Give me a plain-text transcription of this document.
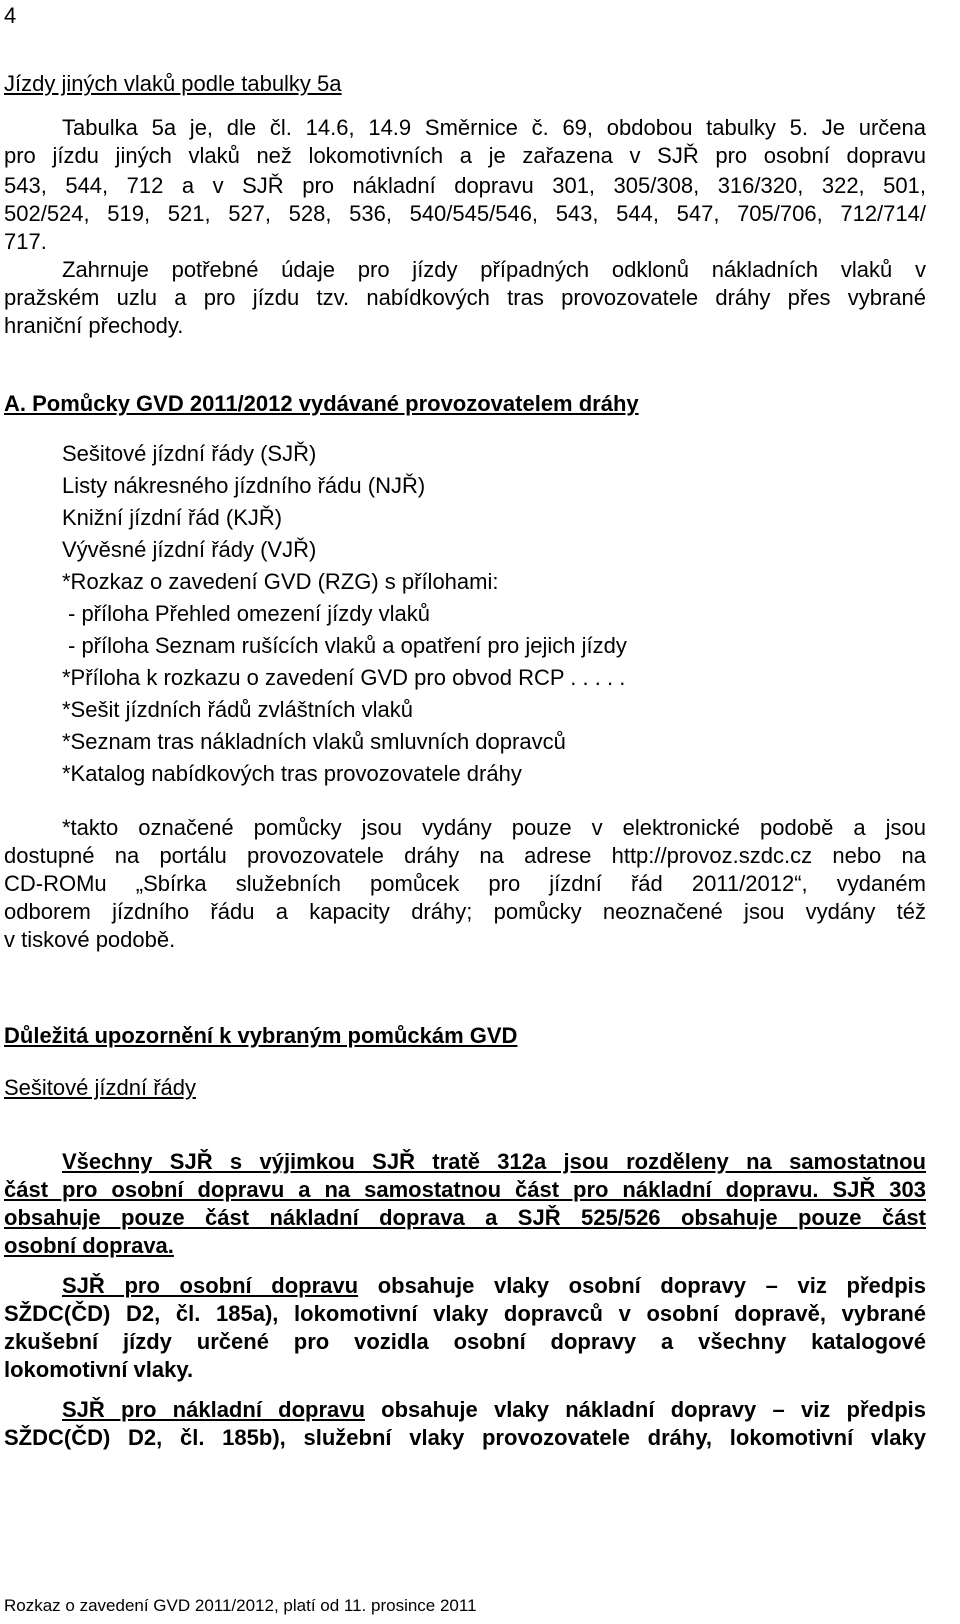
4
Jízdy jiných vlaků podle tabulky 5a
Tabulka 5a je, dle čl. 14.6, 14.9 Směrnice č. 69, obdobou tabulky 5. Je určena
pro jízdu jiných vlaků než lokomotivních a je zařazena v SJŘ pro osobní dopravu
543, 544, 712 a v SJŘ pro nákladní dopravu 301, 305/308, 316/320, 322, 501,
502/524, 519, 521, 527, 528, 536, 540/545/546, 543, 544, 547, 705/706, 712/714/
717.
Zahrnuje potřebné údaje pro jízdy případných odklonů nákladních vlaků v
pražském uzlu a pro jízdu tzv. nabídkových tras provozovatele dráhy přes vybrané
hraniční přechody.
A. Pomůcky GVD 2011/2012 vydávané provozovatelem dráhy
Sešitové jízdní řády (SJŘ)
Listy nákresného jízdního řádu (NJŘ)
Knižní jízdní řád (KJŘ)
Vývěsné jízdní řády (VJŘ)
*Rozkaz o zavedení GVD (RZG) s přílohami:
- příloha Přehled omezení jízdy vlaků
- příloha Seznam rušících vlaků a opatření pro jejich jízdy
*Příloha k rozkazu o zavedení GVD pro obvod RCP . . . . .
*Sešit jízdních řádů zvláštních vlaků
*Seznam tras nákladních vlaků smluvních dopravců
*Katalog nabídkových tras provozovatele dráhy
*takto označené pomůcky jsou vydány pouze v elektronické podobě a jsou
dostupné na portálu provozovatele dráhy na adrese http://provoz.szdc.cz nebo na
CD-ROMu „Sbírka služebních pomůcek pro jízdní řád 2011/2012“, vydaném
odborem jízdního řádu a kapacity dráhy; pomůcky neoznačené jsou vydány též
v tiskové podobě.
Důležitá upozornění k vybraným pomůckám GVD
Sešitové jízdní řády
Všechny SJŘ s výjimkou SJŘ tratě 312a jsou rozděleny na samostatnou
část pro osobní dopravu a na samostatnou část pro nákladní dopravu. SJŘ 303
obsahuje pouze část nákladní doprava a SJŘ 525/526 obsahuje pouze část
osobní doprava.
SJŘ pro osobní dopravu obsahuje vlaky osobní dopravy – viz předpis
SŽDC(ČD) D2, čl. 185a), lokomotivní vlaky dopravců v osobní dopravě, vybrané
zkušební jízdy určené pro vozidla osobní dopravy a všechny katalogové
lokomotivní vlaky.
SJŘ pro nákladní dopravu obsahuje vlaky nákladní dopravy – viz předpis
SŽDC(ČD) D2, čl. 185b), služební vlaky provozovatele dráhy, lokomotivní vlaky
Rozkaz o zavedení GVD 2011/2012, platí od 11. prosince 2011
